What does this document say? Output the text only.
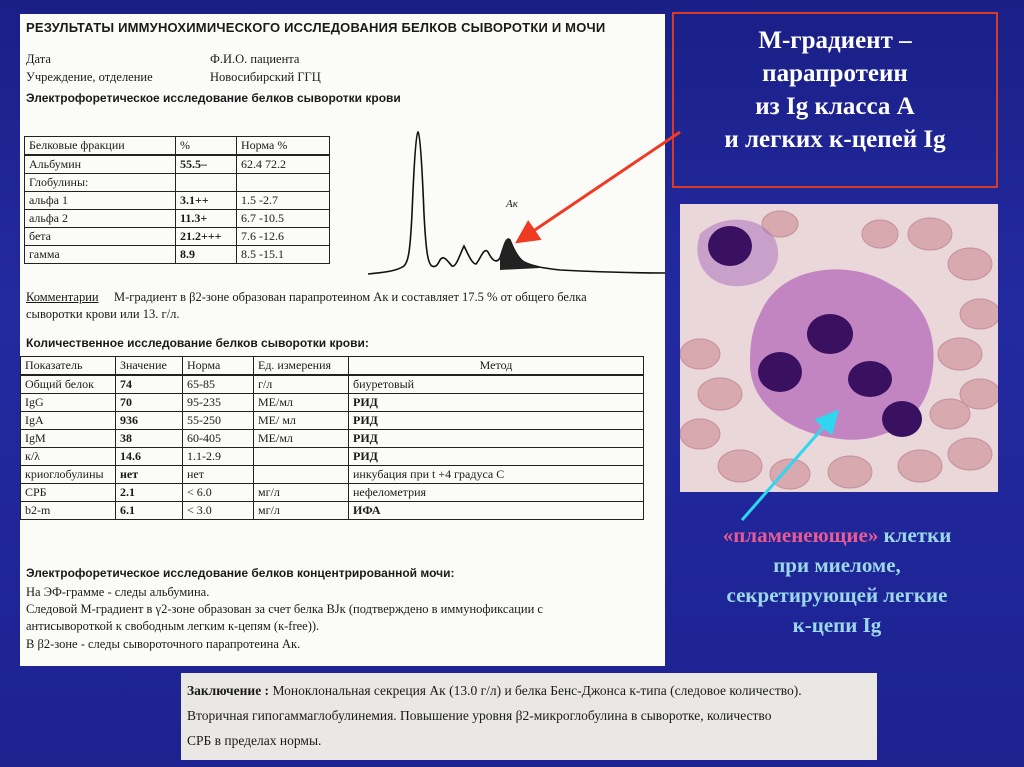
РЕЗУЛЬТАТЫ ИММУНОХИМИЧЕСКОГО ИССЛЕДОВАНИЯ БЕЛКОВ СЫВОРОТКИ И МОЧИ
Дата	Ф.И.О. пациента
Учреждение, отделение	Новосибирский ГГЦ
Электрофоретическое исследование белков сыворотки крови
Белковые фракции	%	Норма %
Альбумин	55.5–	62.4 72.2
Глобулины:		
альфа 1	3.1++	1.5 -2.7
альфа 2	11.3+	6.7 -10.5
бета	21.2+++	7.6 -12.6
гамма	8.9	8.5 -15.1
Aк
Комментарии М-градиент в β2-зоне образован парапротеином Aк и составляет 17.5 % от общего белка
сыворотки крови или 13. г/л.
Количественное исследование белков сыворотки крови:
Показатель	Значение	Норма	Ед. измерения	Метод
Общий белок	74	65-85	г/л	биуретовый
IgG	70	95-235	МЕ/мл	РИД
IgA	936	55-250	МЕ/ мл	РИД
IgM	38	60-405	МЕ/мл	РИД
к/λ	14.6	1.1-2.9		РИД
криоглобулины	нет	нет		инкубация при t +4 градуса С
СРБ	2.1	< 6.0	мг/л	нефелометрия
b2-m	6.1	< 3.0	мг/л	ИФА
Электрофоретическое исследование белков концентрированной мочи:
На ЭФ-грамме - следы альбумина.
Следовой М-градиент в γ2-зоне образован за счет белка BJк (подтверждено в иммунофиксации с
антисывороткой к свободным легким к-цепям (к-free)).
В β2-зоне - следы сывороточного парапротеина Aк.
М-градиент –
парапротеин
из Ig класса А
и легких к-цепей Ig
«пламенеющие» клетки
при миеломе,
секретирующей легкие
к-цепи Ig
Заключение : Моноклональная секреция Aк (13.0 г/л) и белка Бенс-Джонса к-типа (следовое количество).
Вторичная гипогаммаглобулинемия. Повышение уровня β2-микроглобулина в сыворотке, количество
СРБ в пределах нормы.
